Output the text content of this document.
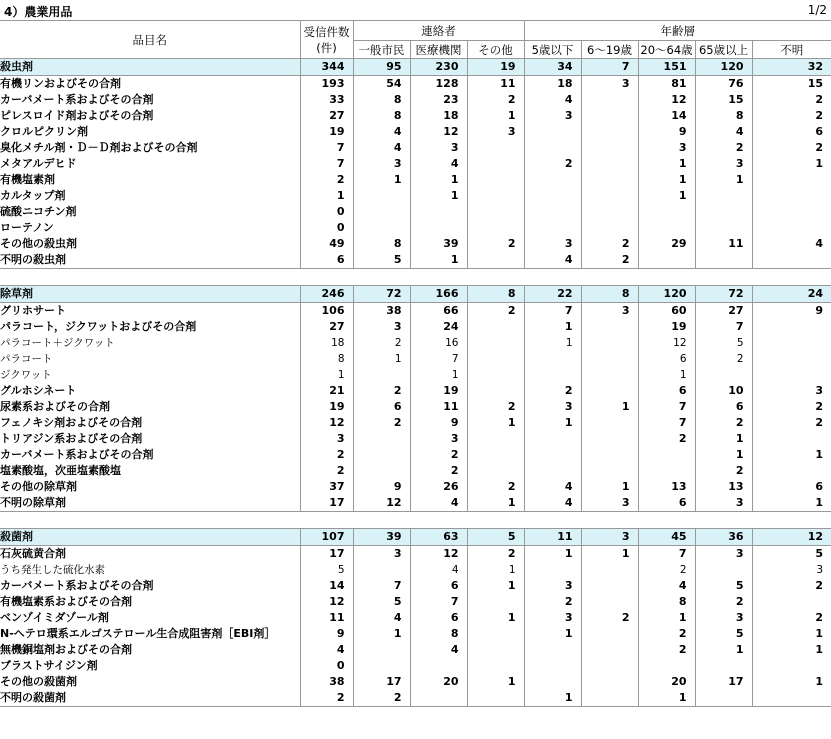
4）農業用品	1/2
品目名	受信件数
(件)	連絡者			年齢層				
		一般市民	医療機関	その他	5歳以下	6～19歳	20～64歳	65歳以上	不明
殺虫剤	344	95	230	19	34	7	151	120	32
有機リンおよびその合剤	193	54	128	11	18	3	81	76	15
カーバメート系およびその合剤	33	8	23	2	4		12	15	2
ピレスロイド剤およびその合剤	27	8	18	1	3		14	8	2
クロルピクリン剤	19	4	12	3			9	4	6
臭化メチル剤・Ｄ－Ｄ剤およびその合剤	7	4	3				3	2	2
メタアルデヒド	7	3	4		2		1	3	1
有機塩素剤	2	1	1				1	1	
カルタップ剤	1		1				1		
硫酸ニコチン剤	0								
ローテノン	0								
その他の殺虫剤	49	8	39	2	3	2	29	11	4
不明の殺虫剤	6	5	1		4	2			

除草剤	246	72	166	8	22	8	120	72	24
グリホサート	106	38	66	2	7	3	60	27	9
パラコート，ジクワットおよびその合剤	27	3	24		1		19	7	
パラコート＋ジクワット	18	2	16		1		12	5	
パラコート	8	1	7				6	2	
ジクワット	1		1				1		
グルホシネート	21	2	19		2		6	10	3
尿素系およびその合剤	19	6	11	2	3	1	7	6	2
フェノキシ剤およびその合剤	12	2	9	1	1		7	2	2
トリアジン系およびその合剤	3		3				2	1	
カーバメート系およびその合剤	2		2					1	1
塩素酸塩，次亜塩素酸塩	2		2					2	
その他の除草剤	37	9	26	2	4	1	13	13	6
不明の除草剤	17	12	4	1	4	3	6	3	1

殺菌剤	107	39	63	5	11	3	45	36	12
石灰硫黄合剤	17	3	12	2	1	1	7	3	5
うち発生した硫化水素	5		4	1			2		3
カーバメート系およびその合剤	14	7	6	1	3		4	5	2
有機塩素系およびその合剤	12	5	7		2		8	2	
ベンゾイミダゾール剤	11	4	6	1	3	2	1	3	2
N-ヘテロ環系エルゴステロール生合成阻害剤［EBI剤］	9	1	8		1		2	5	1
無機銅塩剤およびその合剤	4		4				2	1	1
ブラストサイジン剤	0								
その他の殺菌剤	38	17	20	1			20	17	1
不明の殺菌剤	2	2			1		1		
